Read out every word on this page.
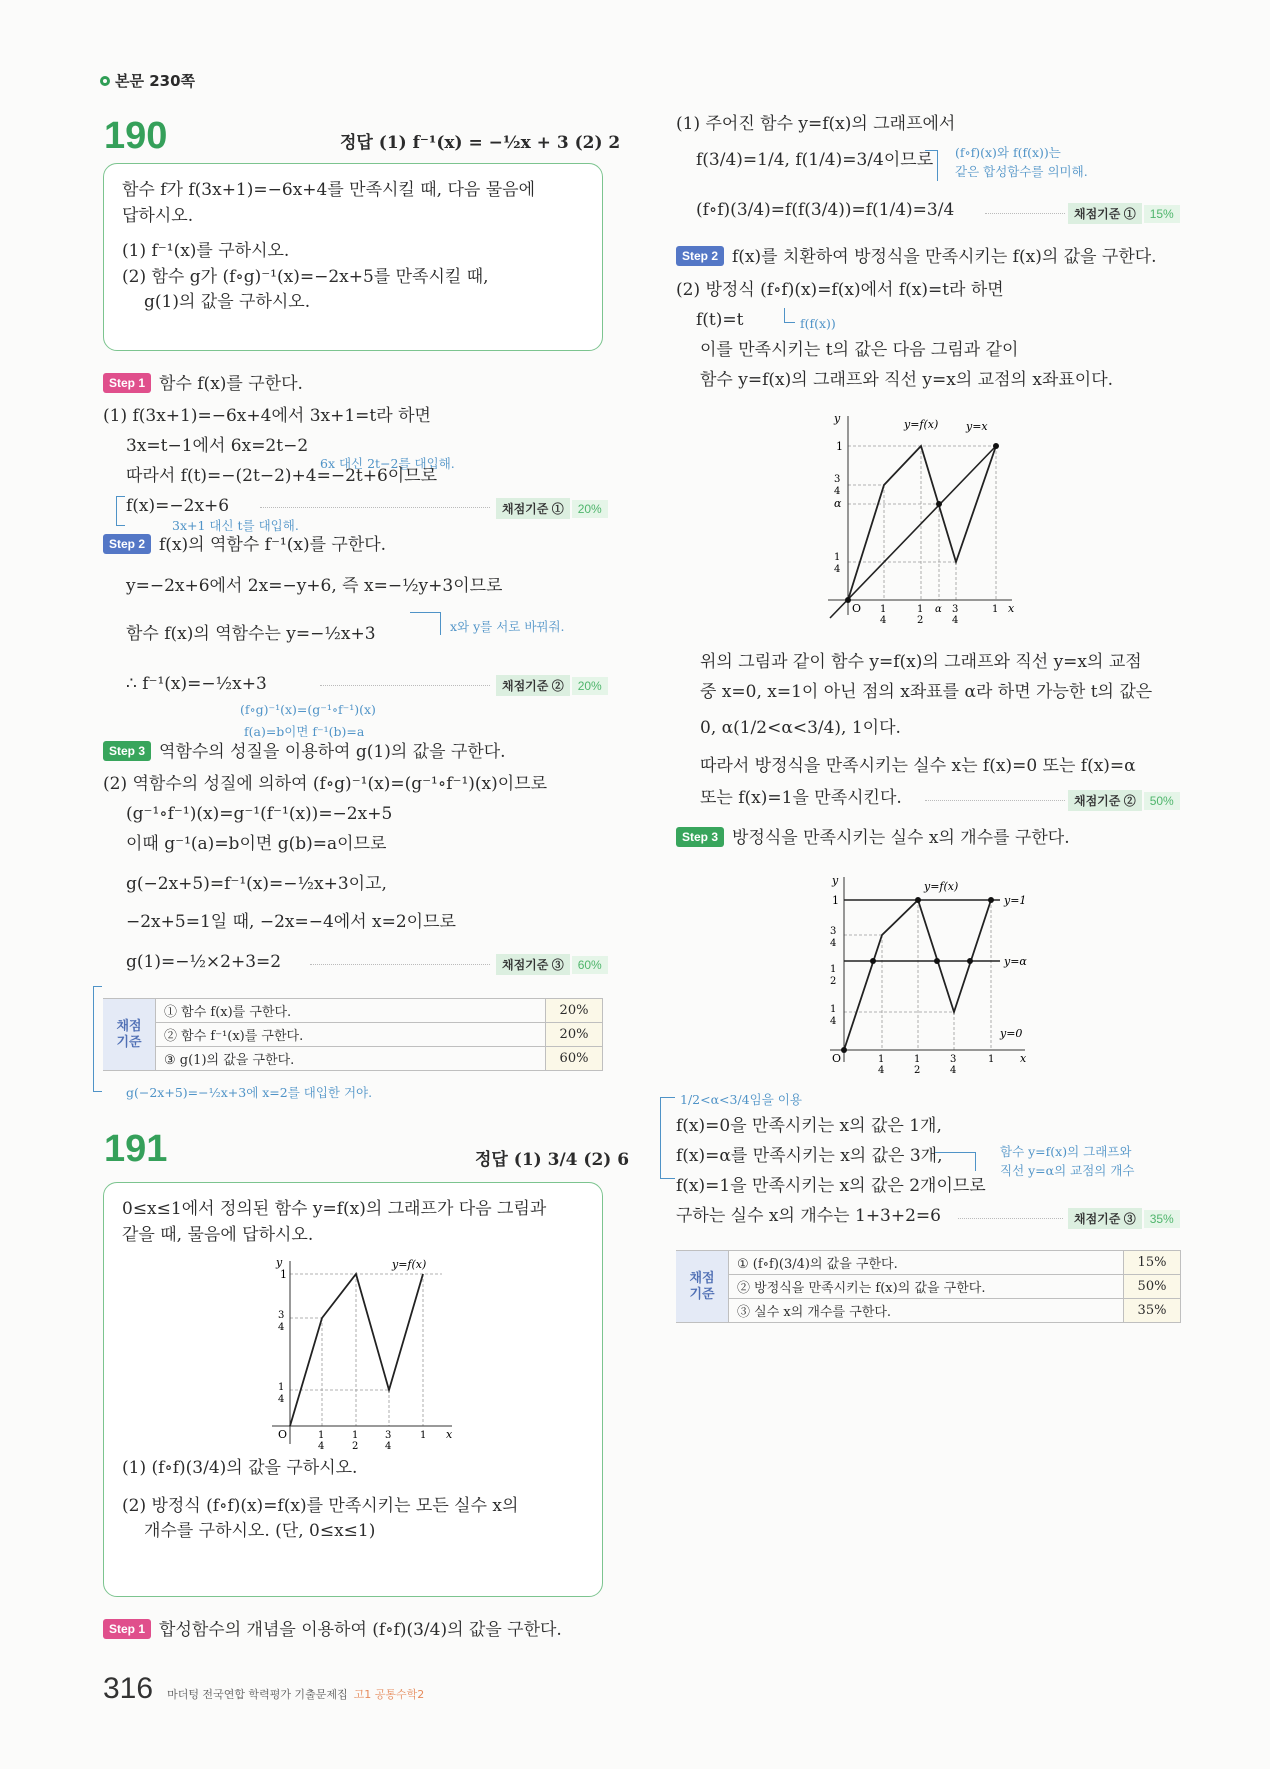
본문 230쪽
190	정답 (1) f⁻¹(x) = −½x + 3 (2) 2

함수 f가 f(3x+1)=−6x+4를 만족시킬 때, 다음 물음에

답하시오.

(1) f⁻¹(x)를 구하시오.

(2) 함수 g가 (f∘g)⁻¹(x)=−2x+5를 만족시킬 때,

g(1)의 값을 구하시오.

Step 1 함수 f(x)를 구한다.
(1) f(3x+1)=−6x+4에서 3x+1=t라 하면
3x=t−1에서 6x=2t−2
6x 대신 2t−2를 대입해.
따라서 f(t)=−(2t−2)+4=−2t+6이므로
f(x)=−2x+6
3x+1 대신 t를 대입해.
채점기준 ①	20%
Step 2 f(x)의 역함수 f⁻¹(x)를 구한다.
y=−2x+6에서 2x=−y+6, 즉 x=−½y+3이므로
함수 f(x)의 역함수는 y=−½x+3	x와 y를 서로 바꿔줘.
∴ f⁻¹(x)=−½x+3	채점기준 ②	20%
(f∘g)⁻¹(x)=(g⁻¹∘f⁻¹)(x)
f(a)=b이면 f⁻¹(b)=a
Step 3 역함수의 성질을 이용하여 g(1)의 값을 구한다.
(2) 역함수의 성질에 의하여 (f∘g)⁻¹(x)=(g⁻¹∘f⁻¹)(x)이므로
(g⁻¹∘f⁻¹)(x)=g⁻¹(f⁻¹(x))=−2x+5
이때 g⁻¹(a)=b이면 g(b)=a이므로
g(−2x+5)=f⁻¹(x)=−½x+3이고,
−2x+5=1일 때, −2x=−4에서 x=2이므로
g(1)=−½×2+3=2	채점기준 ③	60%
채점 기준	① 함수 f(x)를 구한다.	20%
	② 함수 f⁻¹(x)를 구한다.	20%
	③ g(1)의 값을 구한다.	60%
g(−2x+5)=−½x+3에 x=2를 대입한 거야.
191	정답 (1) 3/4 (2) 6

0≤x≤1에서 정의된 함수 y=f(x)의 그래프가 다음 그림과

같을 때, 물음에 답하시오.

y
1
3
4
1
4
O	1
4
1
2
3
4
1 x
y=f(x)

(1) (f∘f)(3/4)의 값을 구하시오.

(2) 방정식 (f∘f)(x)=f(x)를 만족시키는 모든 실수 x의

개수를 구하시오. (단, 0≤x≤1)

Step 1 합성함수의 개념을 이용하여 (f∘f)(3/4)의 값을 구한다.
316 마더텅 전국연합 학력평가 기출문제집 고1 공통수학2
(1) 주어진 함수 y=f(x)의 그래프에서
f(3/4)=1/4, f(1/4)=3/4이므로 (f∘f)(x)와 f(f(x))는
같은 합성함수를 의미해.
(f∘f)(3/4)=f(f(3/4))=f(1/4)=3/4	채점기준 ①	15%
Step 2 f(x)를 치환하여 방정식을 만족시키는 f(x)의 값을 구한다.
(2) 방정식 (f∘f)(x)=f(x)에서 f(x)=t라 하면
f(t)=t	f(f(x))
이를 만족시키는 t의 값은 다음 그림과 같이
함수 y=f(x)의 그래프와 직선 y=x의 교점의 x좌표이다.
y
1
3
4
α
1
4
O 1
4
1
2
α 3
4
1 x
y=f(x)	y=x
위의 그림과 같이 함수 y=f(x)의 그래프와 직선 y=x의 교점
중 x=0, x=1이 아닌 점의 x좌표를 α라 하면 가능한 t의 값은
0, α(1/2<α<3/4), 1이다.
따라서 방정식을 만족시키는 실수 x는 f(x)=0 또는 f(x)=α
또는 f(x)=1을 만족시킨다.	채점기준 ②	50%
Step 3 방정식을 만족시키는 실수 x의 개수를 구한다.
y
1
3
4
1
2
1
4
O	1
4
1
2
3
4
1 x
y=f(x)
y=1
y=α
y=0
1/2<α<3/4임을 이용
f(x)=0을 만족시키는 x의 값은 1개,
f(x)=α를 만족시키는 x의 값은 3개,	함수 y=f(x)의 그래프와
직선 y=α의 교점의 개수
f(x)=1을 만족시키는 x의 값은 2개이므로
구하는 실수 x의 개수는 1+3+2=6	채점기준 ③	35%
채점 기준	① (f∘f)(3/4)의 값을 구한다.	15%
	② 방정식을 만족시키는 f(x)의 값을 구한다.	50%
	③ 실수 x의 개수를 구한다.	35%
